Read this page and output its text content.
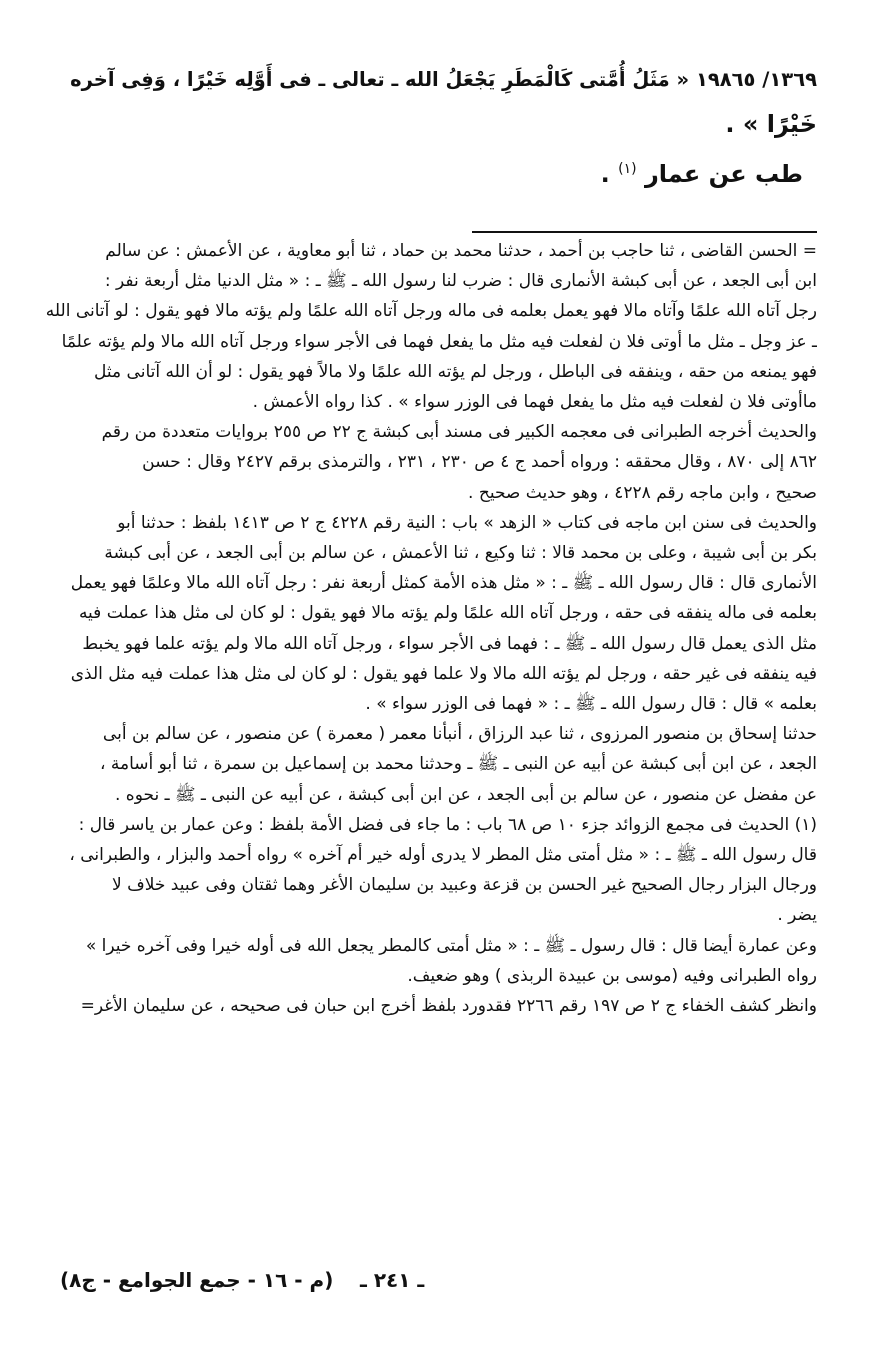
١٣٦٩/ ١٩٨٦٥ « مَثَلُ أُمَّتى كَالْمَطَرِ يَجْعَلُ الله ـ تعالى ـ فى أَوَّلِه خَيْرًا ، وَفِى آخره

خَيْرًا » .

طب عن عمار $^{(١)}$ .
= الحسن القاضى ، ثنا حاجب بن أحمد ، حدثنا محمد بن حماد ، ثنا أبو معاوية ، عن الأعمش : عن سالم
ابن أبى الجعد ، عن أبى كبشة الأنمارى قال : ضرب لنا رسول الله ـ ﷺ ـ : « مثل الدنيا مثل أربعة نفر :
رجل آتاه الله علمًا وآتاه مالا فهو يعمل بعلمه فى ماله ورجل آتاه الله علمًا ولم يؤته مالا فهو يقول : لو آتانى الله
ـ عز وجل ـ مثل ما أوتى فلا ن لفعلت فيه مثل ما يفعل فهما فى الأجر سواء ورجل آتاه الله مالا ولم يؤته علمًا
فهو يمنعه من حقه ، وينفقه فى الباطل ، ورجل لم يؤته الله علمًا ولا مالاً فهو يقول : لو أن الله آتانى مثل
ماأوتى فلا ن لفعلت فيه مثل ما يفعل فهما فى الوزر سواء » . كذا رواه الأعمش .
والحديث أخرجه الطبرانى فى معجمه الكبير فى مسند أبى كبشة ج ٢٢ ص ٢٥٥ بروايات متعددة من رقم
٨٦٢ إلى ٨٧٠ ، وقال محققه : ورواه أحمد ج ٤ ص ٢٣٠ ، ٢٣١ ، والترمذى برقم ٢٤٢٧ وقال : حسن
صحيح ، وابن ماجه رقم ٤٢٢٨ ، وهو حديث صحيح .
والحديث فى سنن ابن ماجه فى كتاب « الزهد » باب : النية رقم ٤٢٢٨ ج ٢ ص ١٤١٣ بلفظ : حدثنا أبو
بكر بن أبى شيبة ، وعلى بن محمد قالا : ثنا وكيع ، ثنا الأعمش ، عن سالم بن أبى الجعد ، عن أبى كبشة
الأنمارى قال : قال رسول الله ـ ﷺ ـ : « مثل هذه الأمة كمثل أربعة نفر : رجل آتاه الله مالا وعلمًا فهو يعمل
بعلمه فى ماله ينفقه فى حقه ، ورجل آتاه الله علمًا ولم يؤته مالا فهو يقول : لو كان لى مثل هذا عملت فيه
مثل الذى يعمل قال رسول الله ـ ﷺ ـ : فهما فى الأجر سواء ، ورجل آتاه الله مالا ولم يؤته علما فهو يخبط
فيه ينفقه فى غير حقه ، ورجل لم يؤته الله مالا ولا علما فهو يقول : لو كان لى مثل هذا عملت فيه مثل الذى
بعلمه » قال : قال رسول الله ـ ﷺ ـ : « فهما فى الوزر سواء » .
حدثنا إسحاق بن منصور المرزوى ، ثنا عبد الرزاق ، أنبأنا معمر ( معمرة ) عن منصور ، عن سالم بن أبى
الجعد ، عن ابن أبى كبشة عن أبيه عن النبى ـ ﷺ ـ وحدثنا محمد بن إسماعيل بن سمرة ، ثنا أبو أسامة ،
عن مفضل عن منصور ، عن سالم بن أبى الجعد ، عن ابن أبى كبشة ، عن أبيه عن النبى ـ ﷺ ـ نحوه .
(١) الحديث فى مجمع الزوائد جزء ١٠ ص ٦٨ باب : ما جاء فى فضل الأمة بلفظ : وعن عمار بن ياسر قال :
قال رسول الله ـ ﷺ ـ : « مثل أمتى مثل المطر لا يدرى أوله خير أم آخره » رواه أحمد والبزار ، والطبرانى ،
ورجال البزار رجال الصحيح غير الحسن بن قزعة وعبيد بن سليمان الأغر وهما ثقتان وفى عبيد خلاف لا
يضر .
وعن عمارة أيضا قال : قال رسول ـ ﷺ ـ : « مثل أمتى كالمطر يجعل الله فى أوله خيرا وفى آخره خيرا »
رواه الطبرانى وفيه (موسى بن عبيدة الربذى ) وهو ضعيف.
وانظر كشف الخفاء ج ٢ ص ١٩٧ رقم ٢٢٦٦ فقدورد بلفظ أخرج ابن حبان فى صحيحه ، عن سليمان الأغر=
ـ ٢٤١ ـ
(م - ١٦ - جمع الجوامع - ج٨)
